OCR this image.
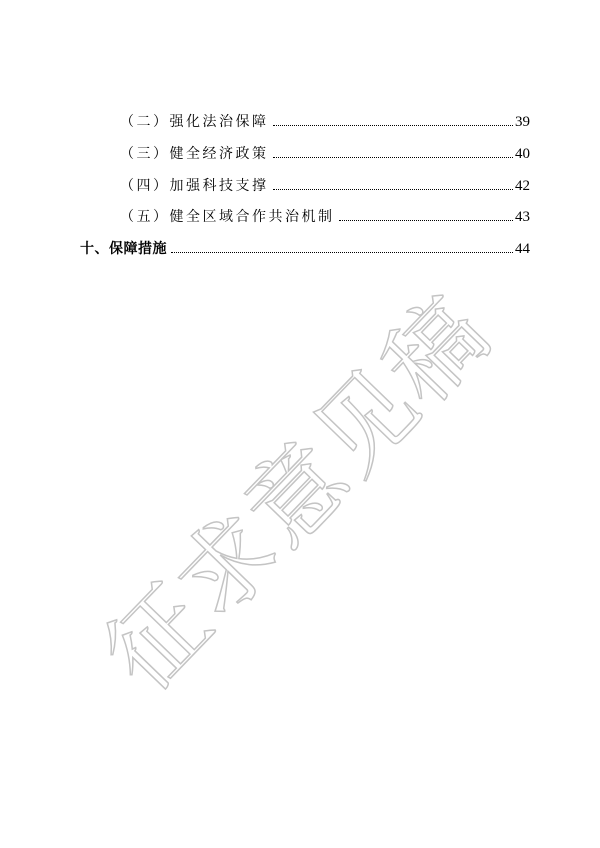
（二）强化法治保障	39
（三）健全经济政策	40
（四）加强科技支撑	42
（五）健全区域合作共治机制	43
十、保障措施	44
征求意见稿
